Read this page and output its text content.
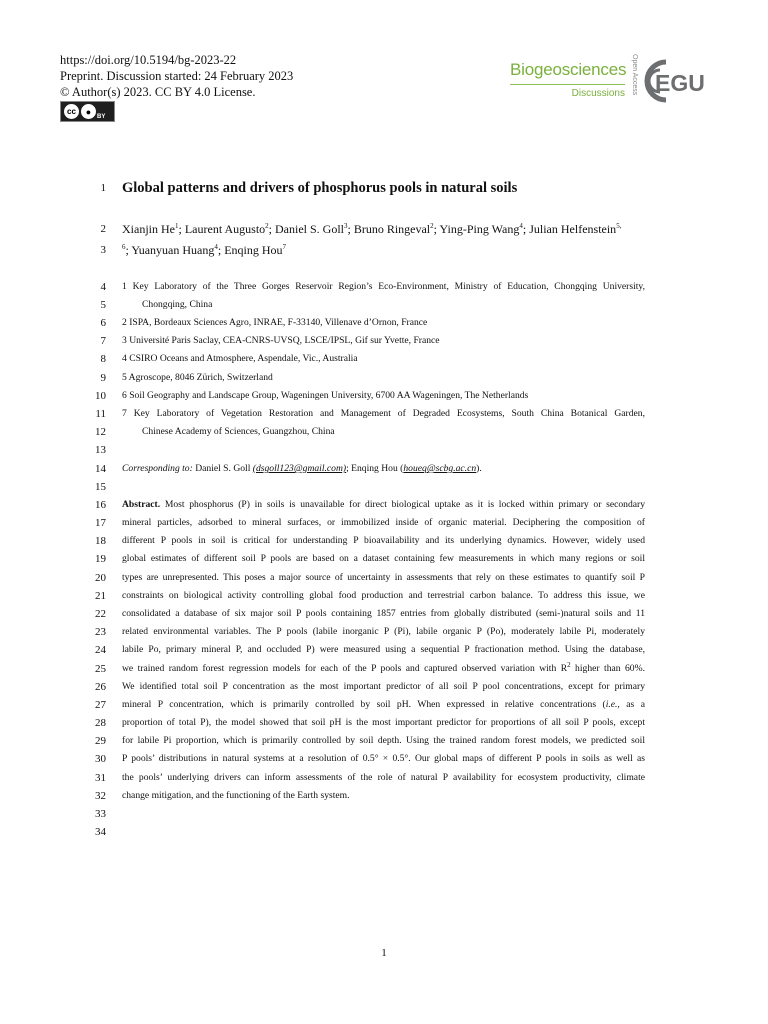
https://doi.org/10.5194/bg-2023-22
Preprint. Discussion started: 24 February 2023
© Author(s) 2023. CC BY 4.0 License.
cc	●
BY
Biogeosciences
Discussions Open Access EGU
1
2
3
4
5
6
7
8
9
10
11
12
13
14
15
16
17
18
19
20
21
22
23
24
25
26
27
28
29
30
31
32
33
34
Global patterns and drivers of phosphorus pools in natural soils
Xianjin He$^1$; Laurent Augusto$^2$; Daniel S. Goll$^3$; Bruno Ringeval$^2$; Ying-Ping Wang$^4$; Julian Helfenstein$^{5,}$
$^6$; Yuanyuan Huang$^4$; Enqing Hou$^7$
1 Key Laboratory of the Three Gorges Reservoir Region’s Eco-Environment, Ministry of Education, Chongqing University,
Chongqing, China
2 ISPA, Bordeaux Sciences Agro, INRAE, F-33140, Villenave d’Ornon, France
3 Université Paris Saclay, CEA-CNRS-UVSQ, LSCE/IPSL, Gif sur Yvette, France
4 CSIRO Oceans and Atmosphere, Aspendale, Vic., Australia
5 Agroscope, 8046 Zürich, Switzerland
6 Soil Geography and Landscape Group, Wageningen University, 6700 AA Wageningen, The Netherlands
7 Key Laboratory of Vegetation Restoration and Management of Degraded Ecosystems, South China Botanical Garden,
Chinese Academy of Sciences, Guangzhou, China
Corresponding to: Daniel S. Goll (dsgoll123@gmail.com); Enqing Hou (houeq@scbg.ac.cn).
Abstract. Most phosphorus (P) in soils is unavailable for direct biological uptake as it is locked within primary or secondary
mineral particles, adsorbed to mineral surfaces, or immobilized inside of organic material. Deciphering the composition of
different P pools in soil is critical for understanding P bioavailability and its underlying dynamics. However, widely used
global estimates of different soil P pools are based on a dataset containing few measurements in which many regions or soil
types are unrepresented. This poses a major source of uncertainty in assessments that rely on these estimates to quantify soil P
constraints on biological activity controlling global food production and terrestrial carbon balance. To address this issue, we
consolidated a database of six major soil P pools containing 1857 entries from globally distributed (semi-)natural soils and 11
related environmental variables. The P pools (labile inorganic P (Pi), labile organic P (Po), moderately labile Pi, moderately
labile Po, primary mineral P, and occluded P) were measured using a sequential P fractionation method. Using the database,
we trained random forest regression models for each of the P pools and captured observed variation with $R^2$ higher than 60%.
We identified total soil P concentration as the most important predictor of all soil P pool concentrations, except for primary
mineral P concentration, which is primarily controlled by soil pH. When expressed in relative concentrations (i.e., as a
proportion of total P), the model showed that soil pH is the most important predictor for proportions of all soil P pools, except
for labile Pi proportion, which is primarily controlled by soil depth. Using the trained random forest models, we predicted soil
P pools’ distributions in natural systems at a resolution of 0.5° × 0.5°. Our global maps of different P pools in soils as well as
the pools’ underlying drivers can inform assessments of the role of natural P availability for ecosystem productivity, climate
change mitigation, and the functioning of the Earth system.
1
